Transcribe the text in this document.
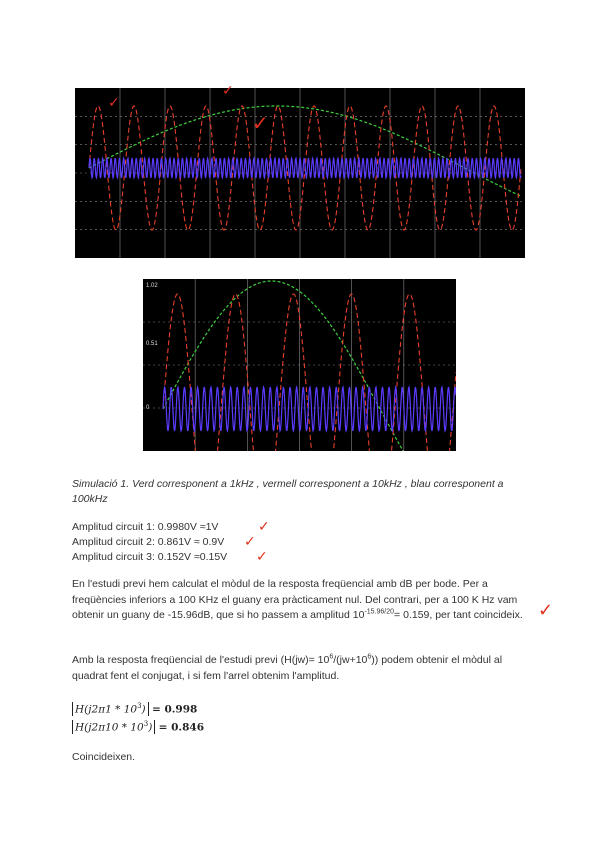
✓
✓
✓
1.02
0.51
0
Simulació 1. Verd corresponent a 1kHz , vermell corresponent a 10kHz , blau corresponent a 100kHz
Amplitud circuit 1: 0.9980V ≈1V
Amplitud circuit 2: 0.861V ≈ 0.9V
Amplitud circuit 3: 0.152V ≈0.15V
✓
✓
✓
En l'estudi previ hem calculat el mòdul de la resposta freqüencial amb dB per bode. Per a freqüències inferiors a 100 KHz el guany era pràcticament nul. Del contrari, per a 100 K Hz vam obtenir un guany de -15.96dB, que si ho passem a amplitud $10^{-15.96/20}= 0.159$, per tant coincideix. ✓
Amb la resposta freqüencial de l'estudi previ $(H(jw)= 10^6/(jw+10^6))$ podem obtenir el mòdul al quadrat fent el conjugat, i si fem l'arrel obtenim l'amplitud.
$H(j2\pi 1 * 10^3) = 0.998$
$H(j2\pi 10 * 10^3) = 0.846$
Coincideixen.
